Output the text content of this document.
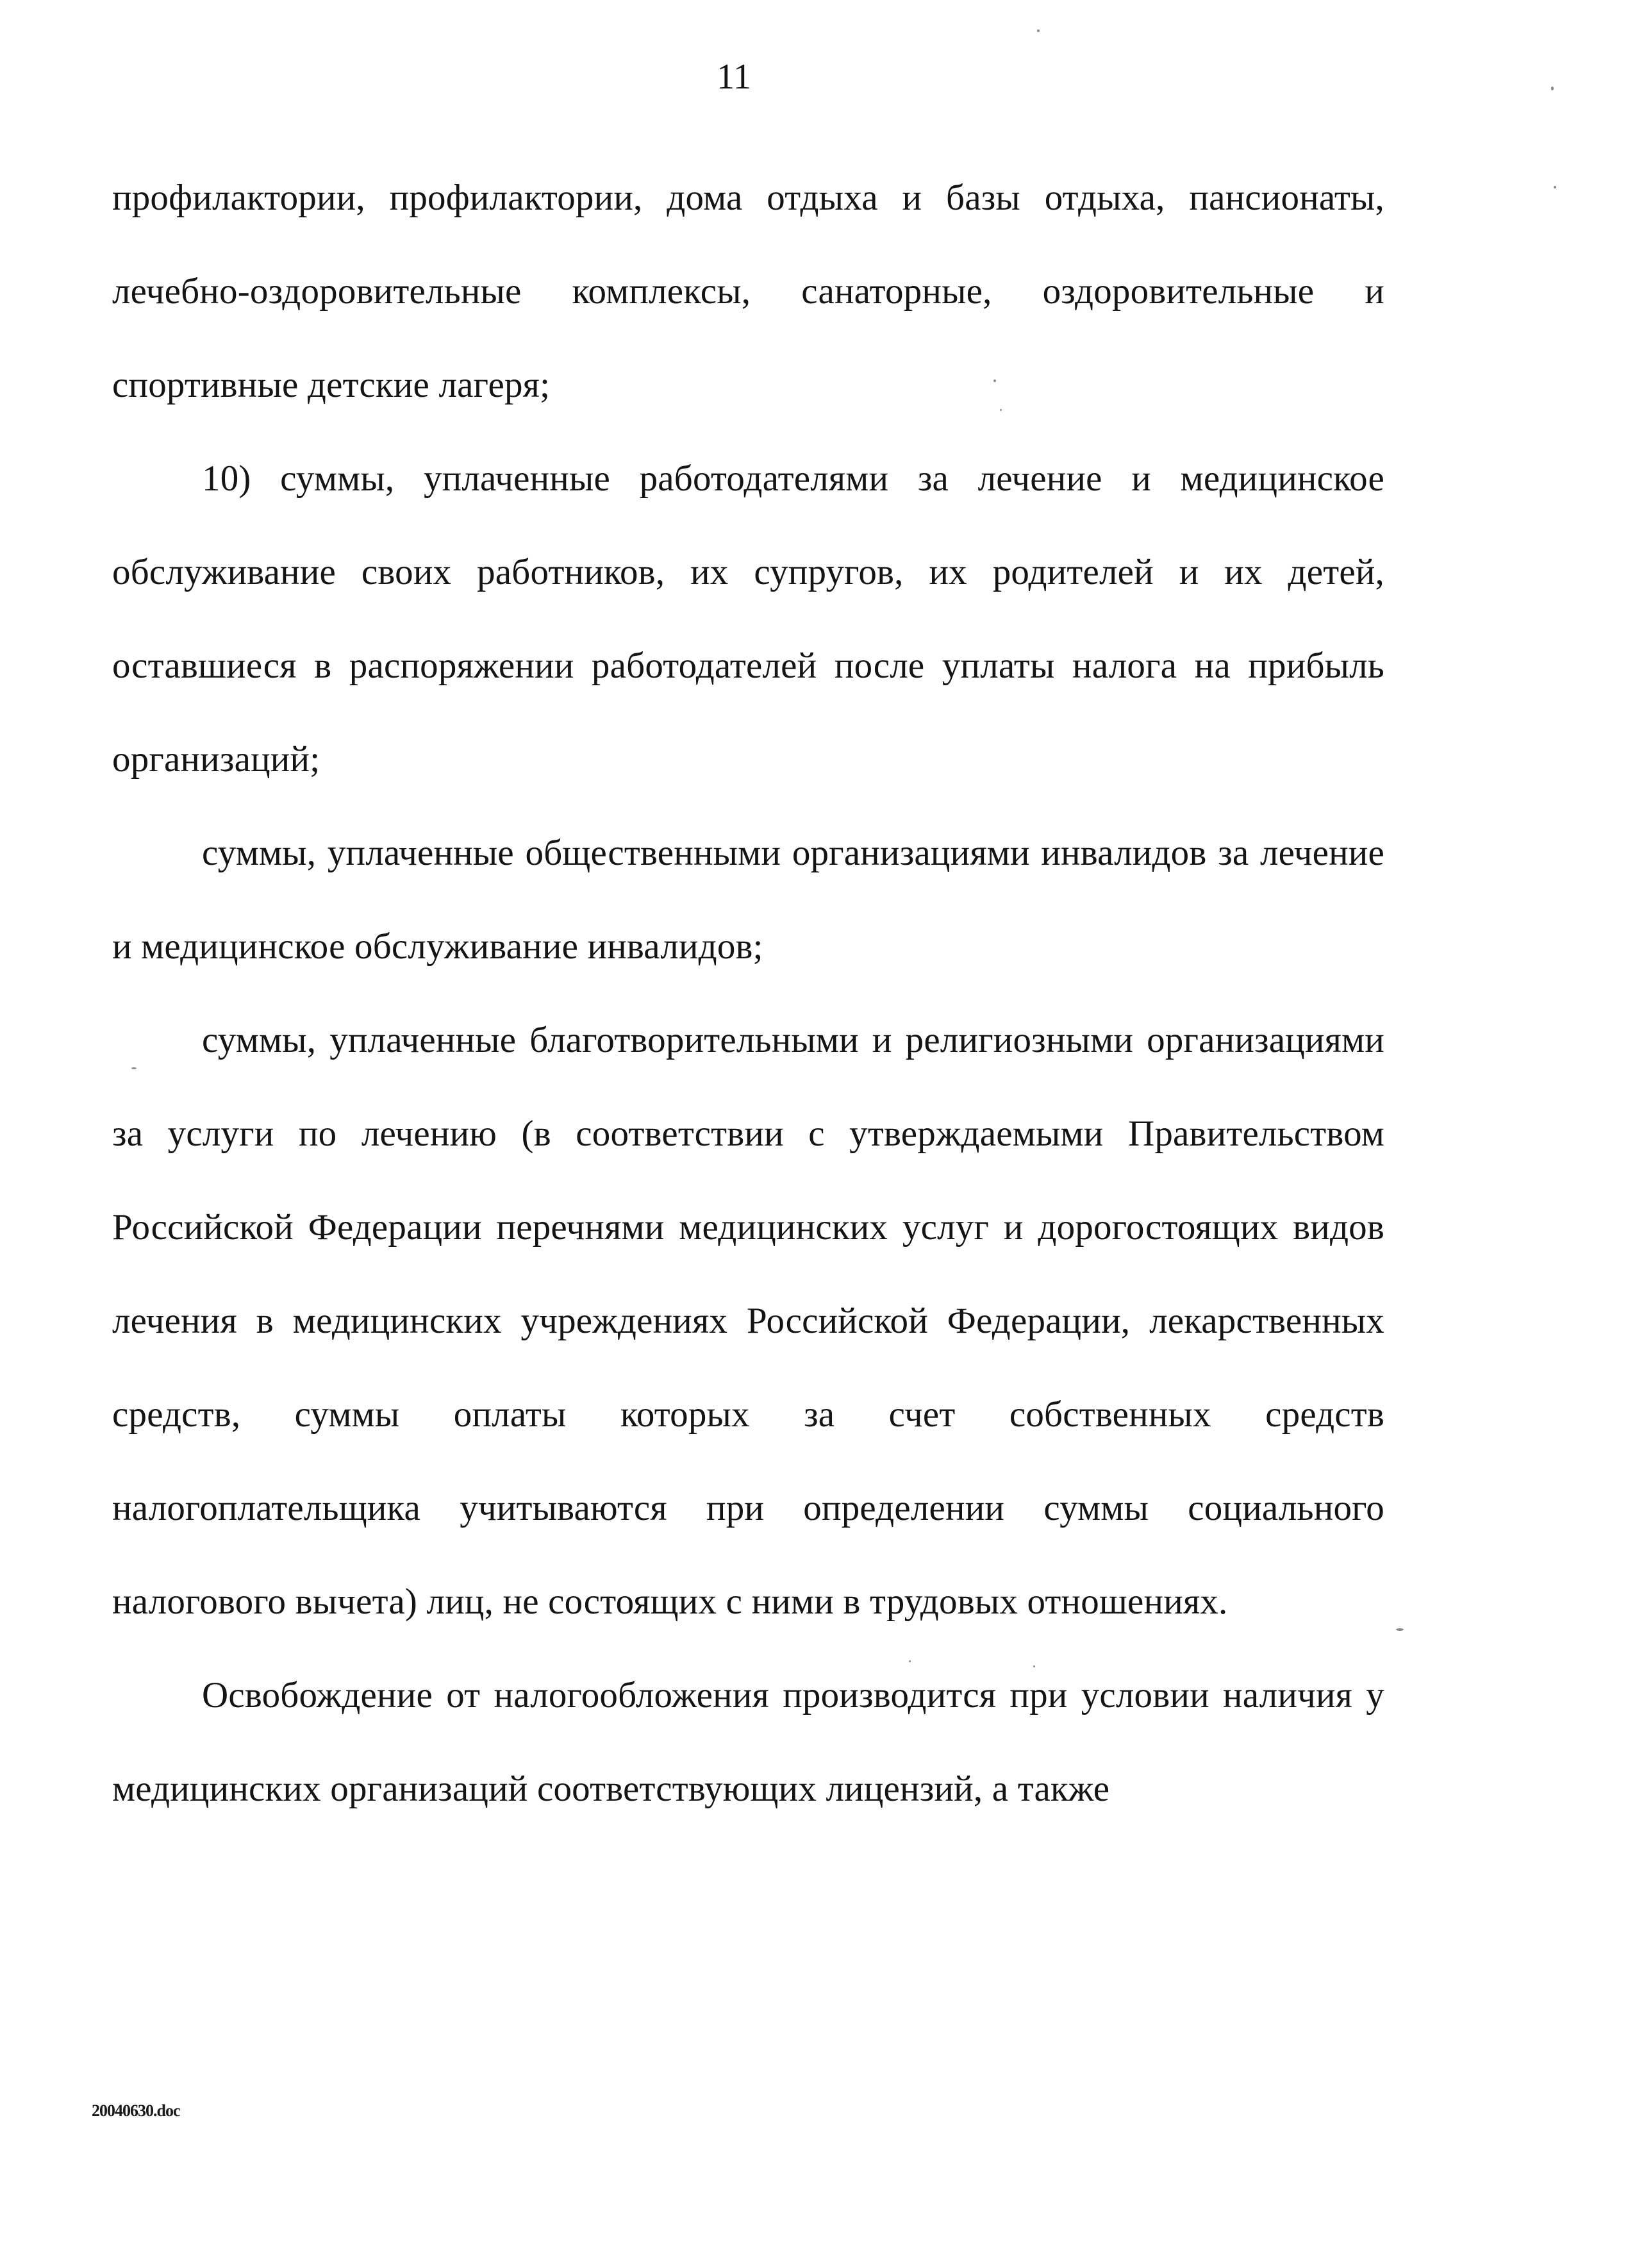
11

профилактории, профилактории, дома отдыха и базы отдыха, пансионаты, лечебно-оздоровительные комплексы, санаторные, оздоровительные и спортивные детские лагеря;

10) суммы, уплаченные работодателями за лечение и медицинское обслуживание своих работников, их супругов, их родителей и их детей, оставшиеся в распоряжении работодателей после уплаты налога на прибыль организаций;

суммы, уплаченные общественными организациями инвалидов за лечение и медицинское обслуживание инвалидов;

суммы, уплаченные благотворительными и религиозными организациями за услуги по лечению (в соответствии с утверждаемыми Правительством Российской Федерации перечнями медицинских услуг и дорогостоящих видов лечения в медицинских учреждениях Российской Федерации, лекарственных средств, суммы оплаты которых за счет собственных средств налогоплательщика учитываются при определении суммы социального налогового вычета) лиц, не состоящих с ними в трудовых отношениях.

Освобождение от налогообложения производится при условии наличия у медицинских организаций соответствующих лицензий, а также

20040630.doc
